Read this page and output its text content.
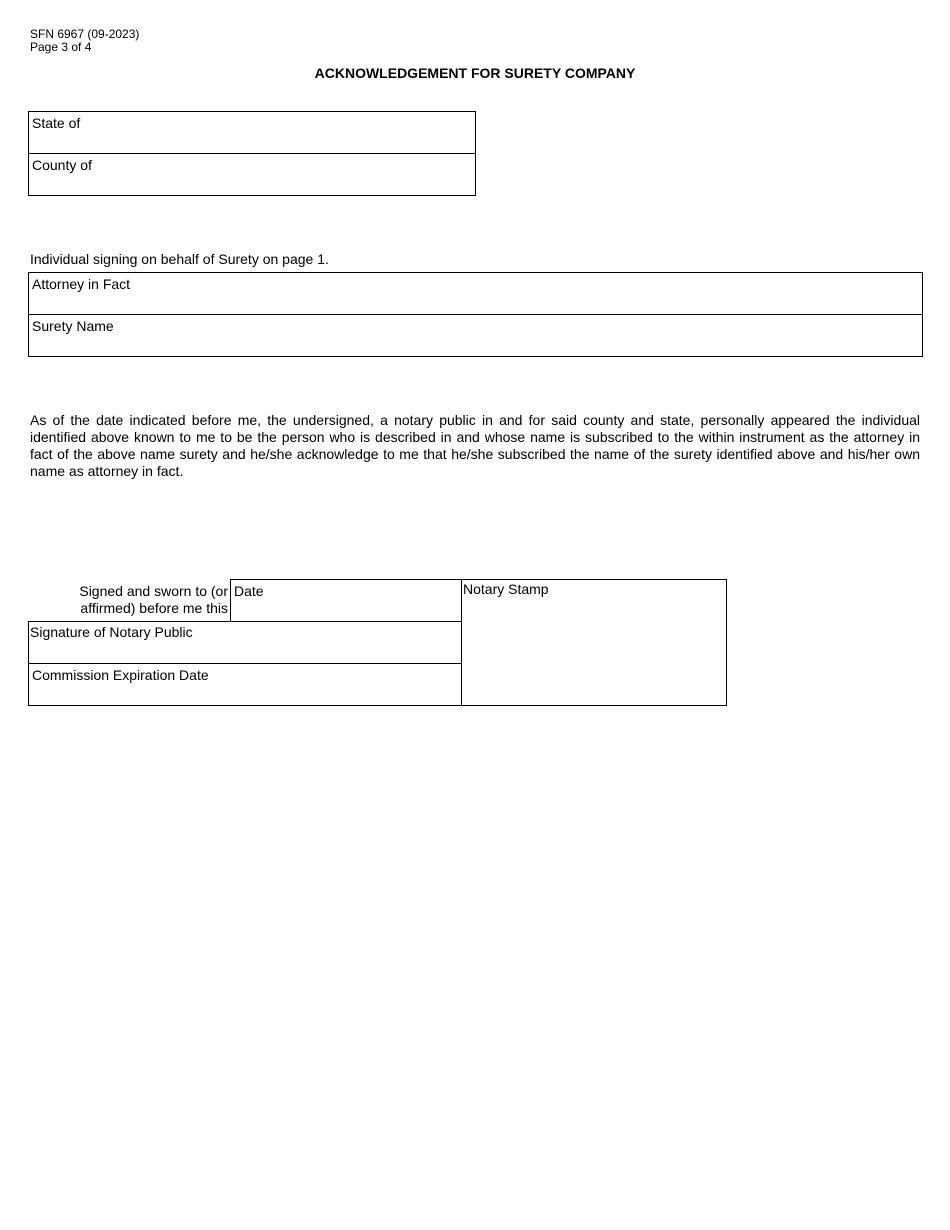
SFN 6967 (09-2023)
Page 3 of 4
ACKNOWLEDGEMENT FOR SURETY COMPANY
State of
County of
Individual signing on behalf of Surety on page 1.
Attorney in Fact
Surety Name
As of the date indicated before me, the undersigned, a notary public in and for said county and state, personally appeared the individual identified above known to me to be the person who is described in and whose name is subscribed to the within instrument as the attorney in fact of the above name surety and he/she acknowledge to me that he/she subscribed the name of the surety identified above and his/her own name as attorney in fact.
Signed and sworn to (or
affirmed) before me this
Date	Notary Stamp
Signature of Notary Public
Commission Expiration Date
